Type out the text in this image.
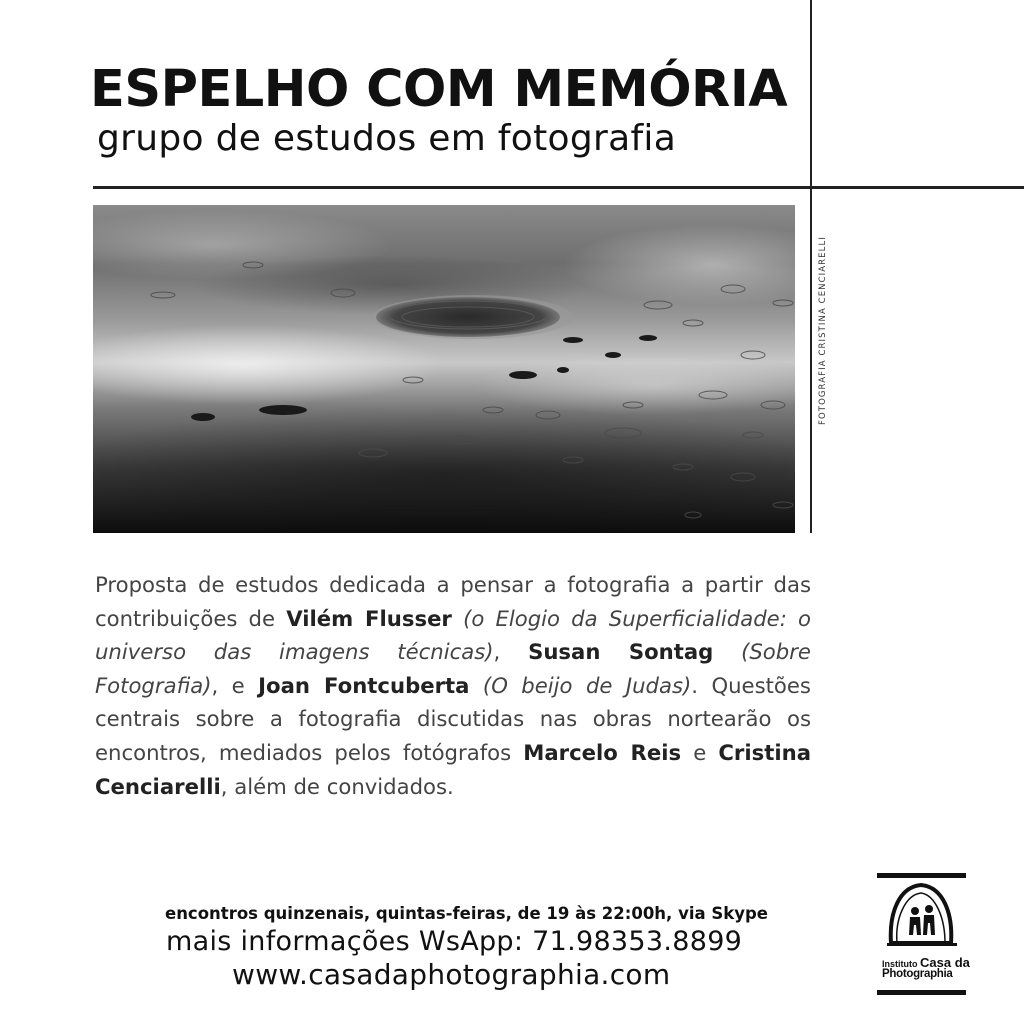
ESPELHO COM MEMÓRIA
grupo de estudos em fotografia
FOTOGRAFIA CRISTINA CENCIARELLI
Proposta de estudos dedicada a pensar a fotografia a partir das contribuições de Vilém Flusser (o Elogio da Superficialidade: o universo das imagens técnicas), Susan Sontag (Sobre Fotografia), e Joan Fontcuberta (O beijo de Judas). Questões centrais sobre a fotografia discutidas nas obras nortearão os encontros, mediados pelos fotógrafos Marcelo Reis e Cristina Cenciarelli, além de convidados.
encontros quinzenais, quintas-feiras, de 19 às 22:00h, via Skype
mais informações WsApp: 71.98353.8899
www.casadaphotographia.com	Instituto Casa da
Photographia
